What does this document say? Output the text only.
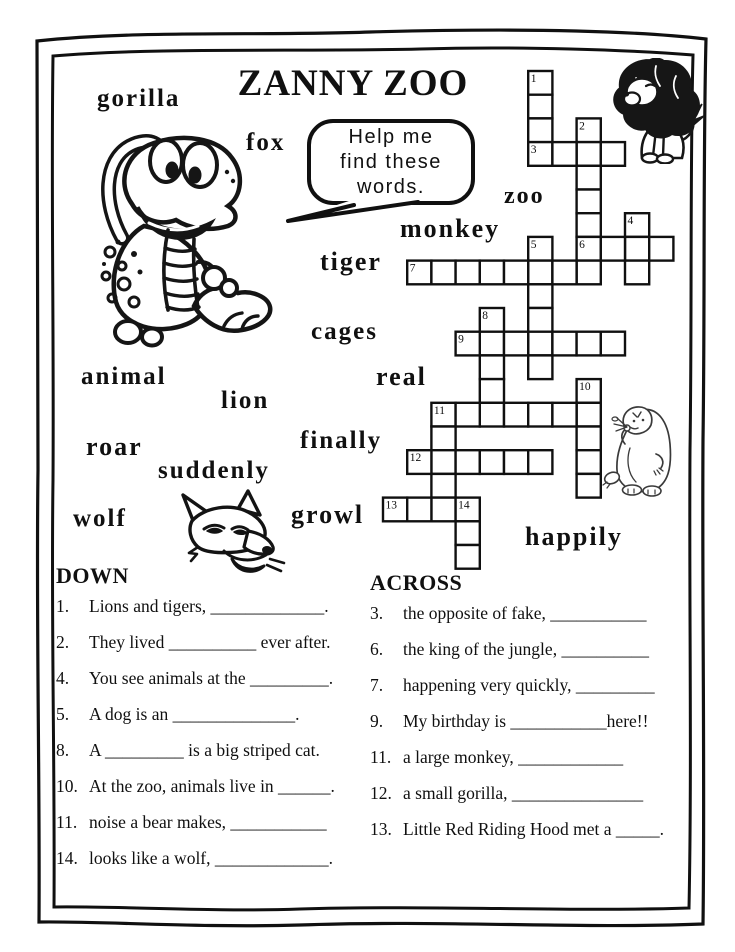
ZANNY ZOO	1
2
3
4
5	6
7
8
9
10
11
12
13	14
Help me
find these
words.
gorilla
fox
zoo
monkey
tiger
cages
real
animal
lion
roar	finally
suddenly
wolf	growl
happily
DOWN
1.	Lions and tigers, _____________.
2.	They lived __________ ever after.
4.	You see animals at the _________.
5.	A dog is an ______________.
8.	A _________ is a big striped cat.
10. At the zoo, animals live in ______.
11. noise a bear makes, ___________
14. looks like a wolf, _____________.
ACROSS
3.	the opposite of fake, ___________
6.	the king of the jungle, __________
7.	happening very quickly, _________
9.	My birthday is ___________here!!
11. a large monkey, ____________
12. a small gorilla, _______________
13. Little Red Riding Hood met a _____.
